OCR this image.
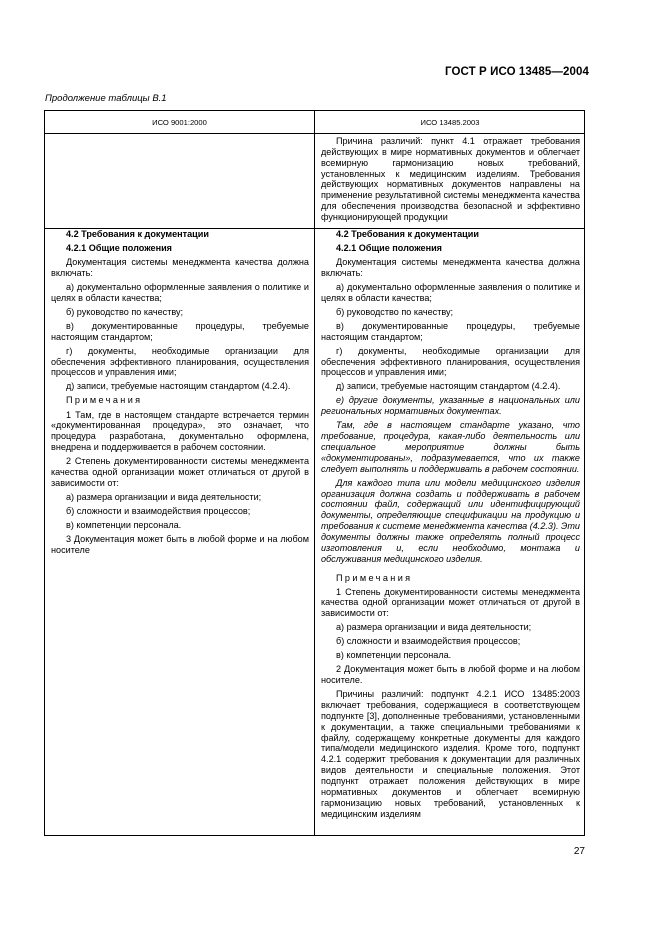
ГОСТ Р ИСО 13485—2004
Продолжение таблицы В.1
ИСО 9001:2000	ИСО 13485.2003

Причина различий: пункт 4.1 отражает требования действующих в мире нормативных документов и облегчает всемирную гармонизацию новых требований, установленных к медицинским изделиям. Требования действующих нормативных документов направлены на применение результативной системы менеджмента качества для обеспечения производства безопасной и эффективно функционирующей продукции

4.2 Требования к документации

4.2.1 Общие положения

Документация системы менеджмента качества должна включать:

а) документально оформленные заявления о политике и целях в области качества;

б) руководство по качеству;

в) документированные процедуры, требуемые настоящим стандартом;

г) документы, необходимые организации для обеспечения эффективного планирования, осуществления процессов и управления ими;

д) записи, требуемые настоящим стандартом (4.2.4).

Примечания

1 Там, где в настоящем стандарте встречается термин «документированная процедура», это означает, что процедура разработана, документально оформлена, внедрена и поддерживается в рабочем состоянии.

2 Степень документированности системы менеджмента качества одной организации может отличаться от другой в зависимости от:

а) размера организации и вида деятельности;

б) сложности и взаимодействия процессов;

в) компетенции персонала.

3 Документация может быть в любой форме и на любом носителе

4.2 Требования к документации

4.2.1 Общие положения

Документация системы менеджмента качества должна включать:

а) документально оформленные заявления о политике и целях в области качества;

б) руководство по качеству;

в) документированные процедуры, требуемые настоящим стандартом;

г) документы, необходимые организации для обеспечения эффективного планирования, осуществления процессов и управления ими;

д) записи, требуемые настоящим стандартом (4.2.4).

е) другие документы, указанные в национальных или региональных нормативных документах.

Там, где в настоящем стандарте указано, что требование, процедура, какая-либо деятельность или специальное мероприятие должны быть «документированы», подразумевается, что их также следует выполнять и поддерживать в рабочем состоянии.

Для каждого типа или модели медицинского изделия организация должна создать и поддерживать в рабочем состоянии файл, содержащий или идентифицирующий документы, определяющие спецификации на продукцию и требования к системе менеджмента качества (4.2.3). Эти документы должны также определять полный процесс изготовления и, если необходимо, монтажа и обслуживания медицинского изделия.

Примечания

1 Степень документированности системы менеджмента качества одной организации может отличаться от другой в зависимости от:

а) размера организации и вида деятельности;

б) сложности и взаимодействия процессов;

в) компетенции персонала.

2 Документация может быть в любой форме и на любом носителе.

Причины различий: подпункт 4.2.1 ИСО 13485:2003 включает требования, содержащиеся в соответствующем подпункте [3], дополненные требованиями, установленными к документации, а также специальными требованиями к файлу, содержащему конкретные документы для каждого типа/модели медицинского изделия. Кроме того, подпункт 4.2.1 содержит требования к документации для различных видов деятельности и специальные положения. Этот подпункт отражает положения действующих в мире нормативных документов и облегчает всемирную гармонизацию новых требований, установленных к медицинским изделиям

27
